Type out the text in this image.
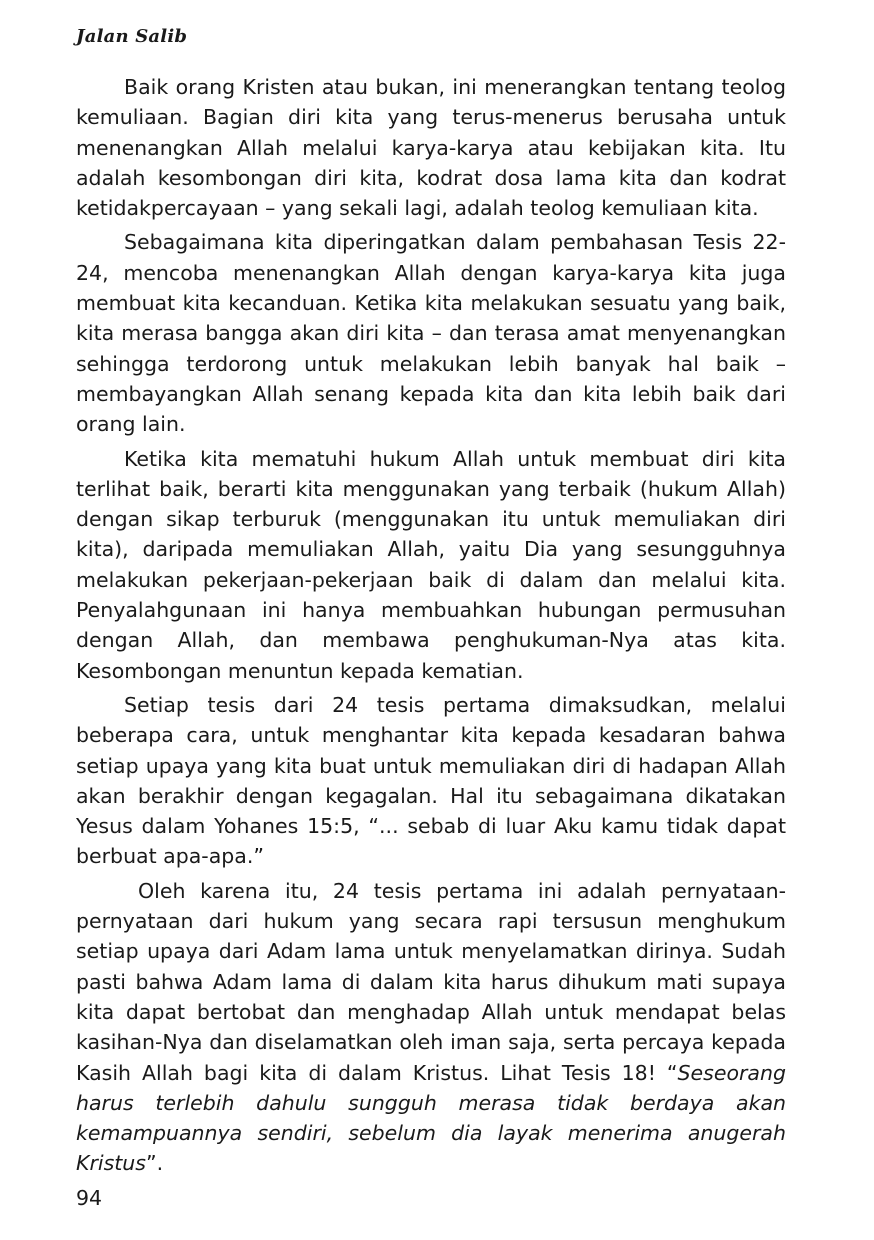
Jalan Salib

Baik orang Kristen atau bukan, ini menerangkan tentang teolog kemuliaan. Bagian diri kita yang terus-menerus berusaha untuk menenangkan Allah melalui karya-karya atau kebijakan kita. Itu adalah kesombongan diri kita, kodrat dosa lama kita dan kodrat ketidakpercayaan – yang sekali lagi, adalah teolog kemuliaan kita.

Sebagaimana kita diperingatkan dalam pembahasan Tesis 22-24, mencoba menenangkan Allah dengan karya-karya kita juga membuat kita kecanduan. Ketika kita melakukan sesuatu yang baik, kita merasa bangga akan diri kita – dan terasa amat menyenangkan sehingga terdorong untuk melakukan lebih banyak hal baik – membayangkan Allah senang kepada kita dan kita lebih baik dari orang lain.

Ketika kita mematuhi hukum Allah untuk membuat diri kita terlihat baik, berarti kita menggunakan yang terbaik (hukum Allah) dengan sikap terburuk (menggunakan itu untuk memuliakan diri kita), daripada memuliakan Allah, yaitu Dia yang sesungguhnya melakukan pekerjaan-pekerjaan baik di dalam dan melalui kita. Penyalahgunaan ini hanya membuahkan hubungan permusuhan dengan Allah, dan membawa penghukuman-Nya atas kita. Kesombongan menuntun kepada kematian.

Setiap tesis dari 24 tesis pertama dimaksudkan, melalui beberapa cara, untuk menghantar kita kepada kesadaran bahwa setiap upaya yang kita buat untuk memuliakan diri di hadapan Allah akan berakhir dengan kegagalan. Hal itu sebagaimana dikatakan Yesus dalam Yohanes 15:5, “... sebab di luar Aku kamu tidak dapat berbuat apa-apa.”

Oleh karena itu, 24 tesis pertama ini adalah pernyataan-pernyataan dari hukum yang secara rapi tersusun menghukum setiap upaya dari Adam lama untuk menyelamatkan dirinya. Sudah pasti bahwa Adam lama di dalam kita harus dihukum mati supaya kita dapat bertobat dan menghadap Allah untuk mendapat belas kasihan-Nya dan diselamatkan oleh iman saja, serta percaya kepada Kasih Allah bagi kita di dalam Kristus. Lihat Tesis 18! “Seseorang harus terlebih dahulu sungguh merasa tidak berdaya akan kemampuannya sendiri, sebelum dia layak menerima anugerah Kristus”.

94
